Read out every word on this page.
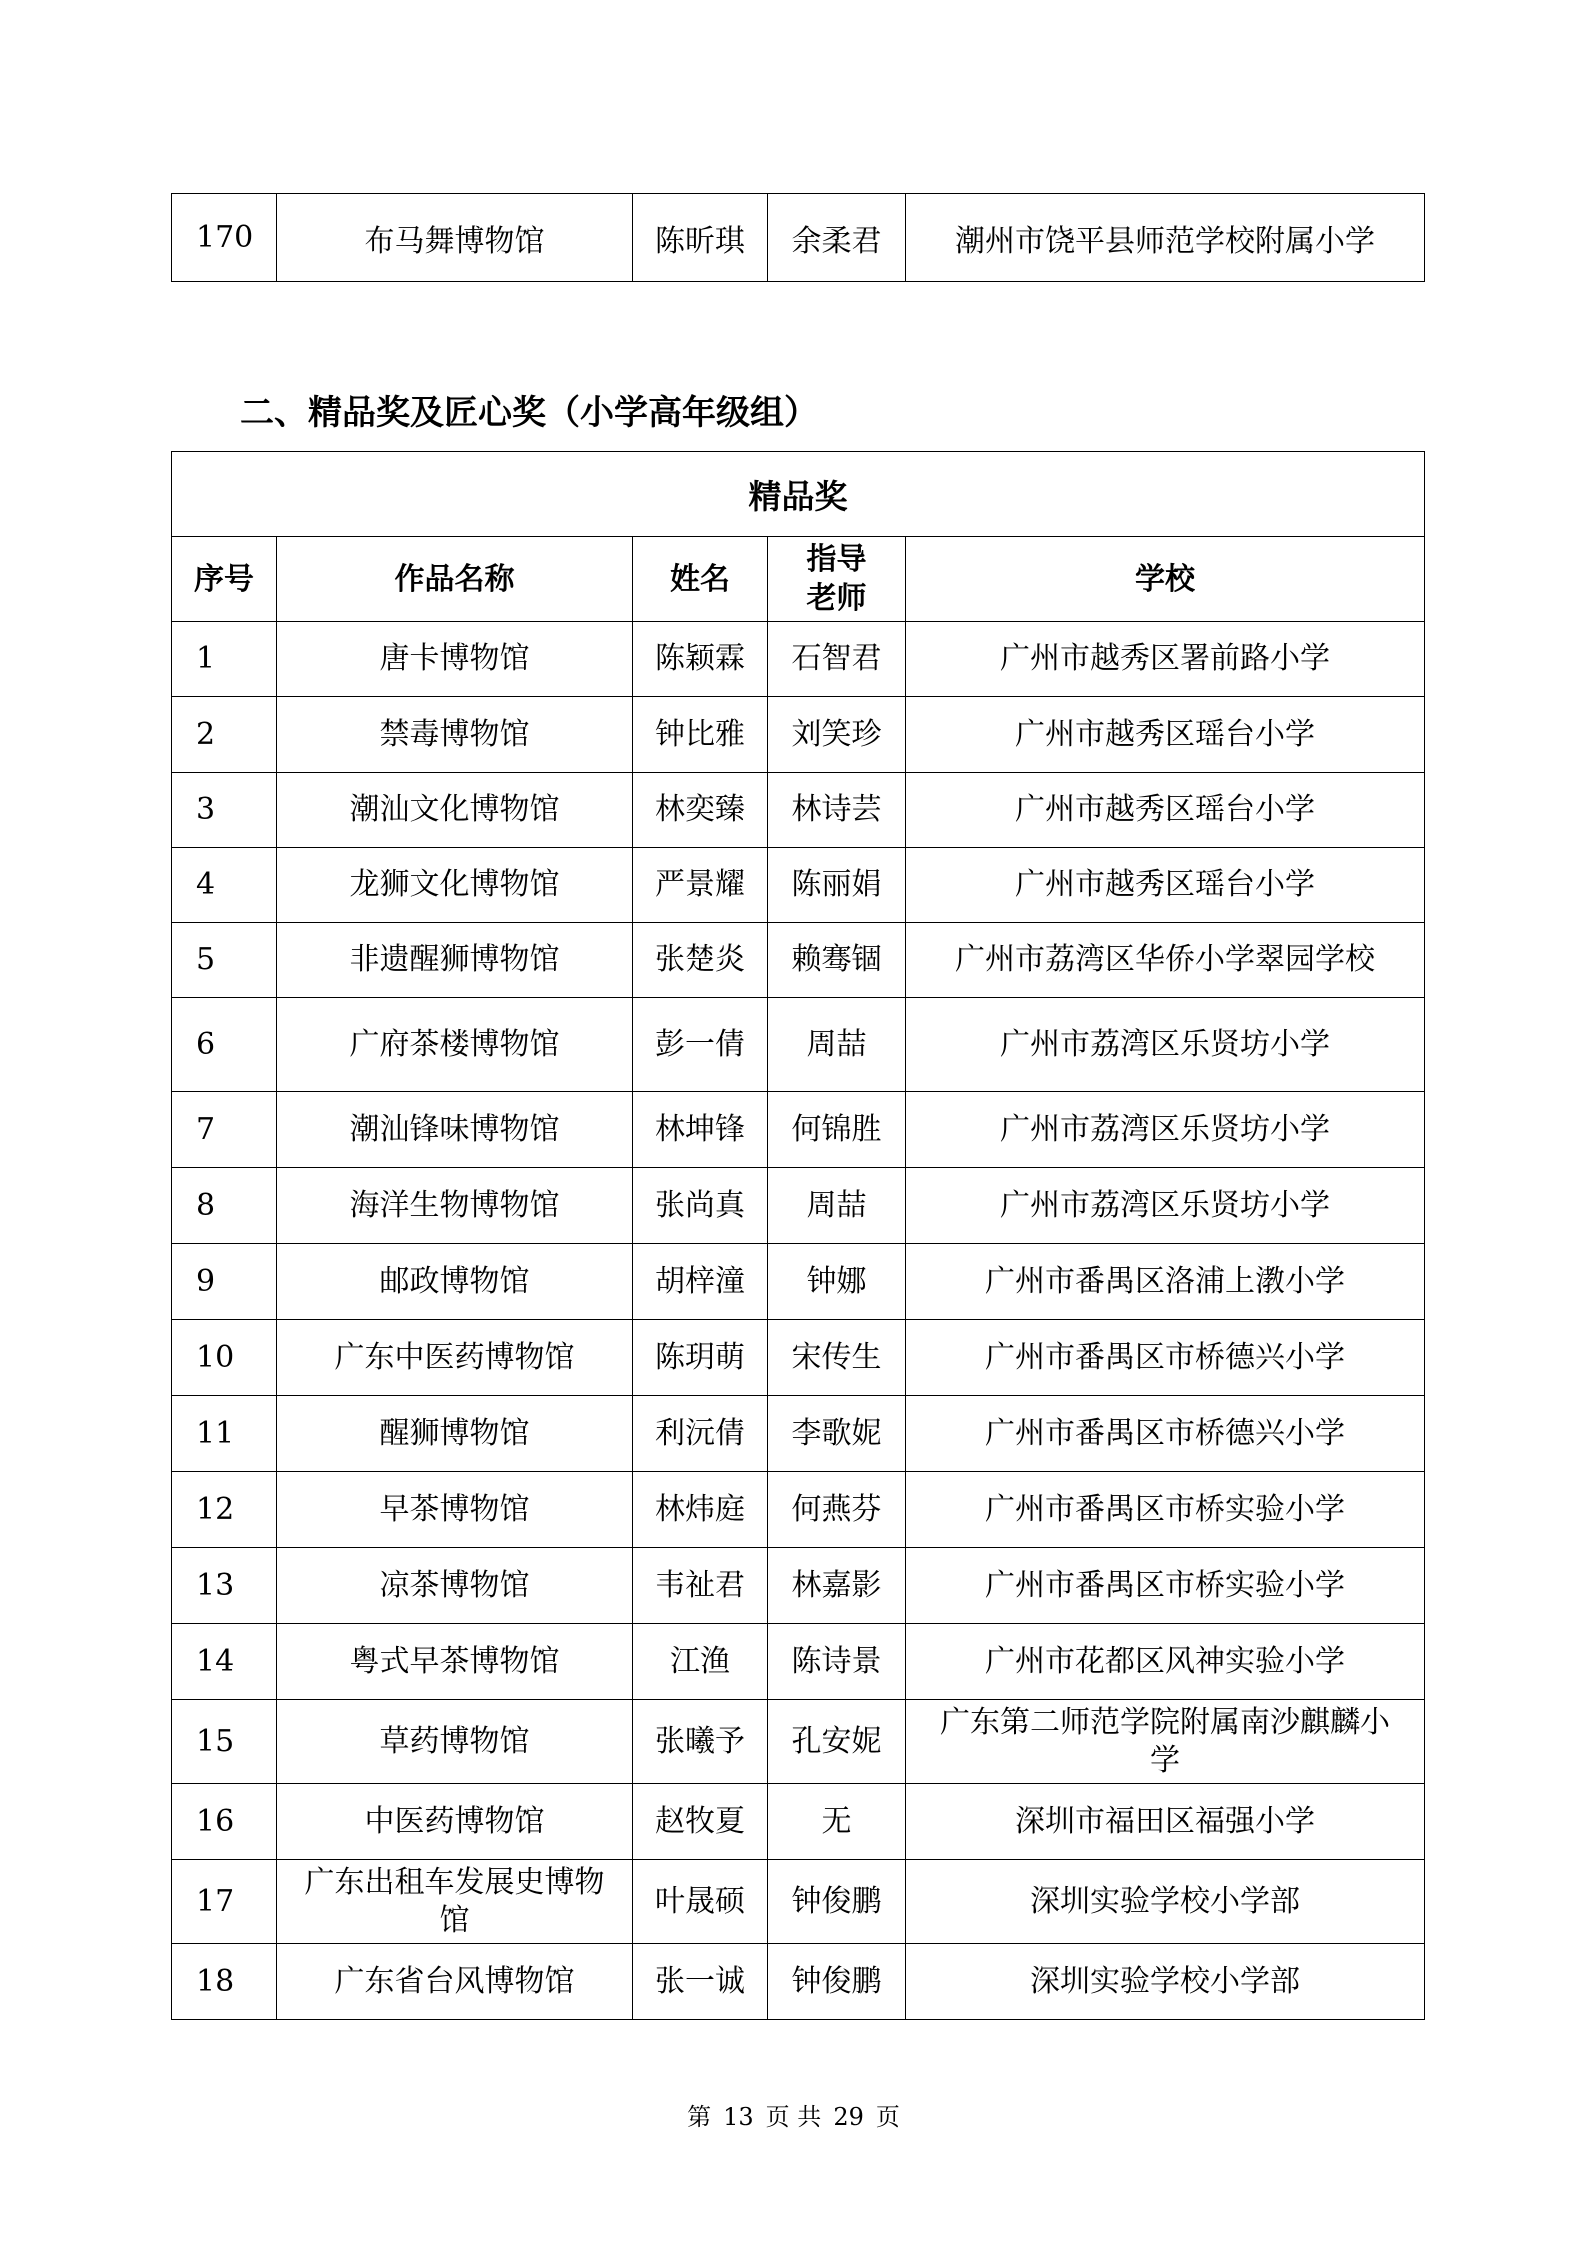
170	布马舞博物馆	陈昕琪	余柔君	潮州市饶平县师范学校附属小学
二、精品奖及匠心奖（小学高年级组）
精品奖				
序号	作品名称	姓名	指导老师	学校
1	唐卡博物馆	陈颖霖	石智君	广州市越秀区署前路小学
2	禁毒博物馆	钟比雅	刘笑珍	广州市越秀区瑶台小学
3	潮汕文化博物馆	林奕臻	林诗芸	广州市越秀区瑶台小学
4	龙狮文化博物馆	严景耀	陈丽娟	广州市越秀区瑶台小学
5	非遗醒狮博物馆	张楚炎	赖骞锢	广州市荔湾区华侨小学翠园学校
6	广府茶楼博物馆	彭一倩	周喆	广州市荔湾区乐贤坊小学
7	潮汕锋味博物馆	林坤锋	何锦胜	广州市荔湾区乐贤坊小学
8	海洋生物博物馆	张尚真	周喆	广州市荔湾区乐贤坊小学
9	邮政博物馆	胡梓潼	钟娜	广州市番禺区洛浦上漖小学
10	广东中医药博物馆	陈玥萌	宋传生	广州市番禺区市桥德兴小学
11	醒狮博物馆	利沅倩	李歌妮	广州市番禺区市桥德兴小学
12	早茶博物馆	林炜庭	何燕芬	广州市番禺区市桥实验小学
13	凉茶博物馆	韦祉君	林嘉影	广州市番禺区市桥实验小学
14	粤式早茶博物馆	江渔	陈诗景	广州市花都区风神实验小学
15	草药博物馆	张曦予	孔安妮	广东第二师范学院附属南沙麒麟小学
16	中医药博物馆	赵牧夏	无	深圳市福田区福强小学
17	广东出租车发展史博物馆	叶晟硕	钟俊鹏	深圳实验学校小学部
18	广东省台风博物馆	张一诚	钟俊鹏	深圳实验学校小学部
第 13 页 共 29 页
